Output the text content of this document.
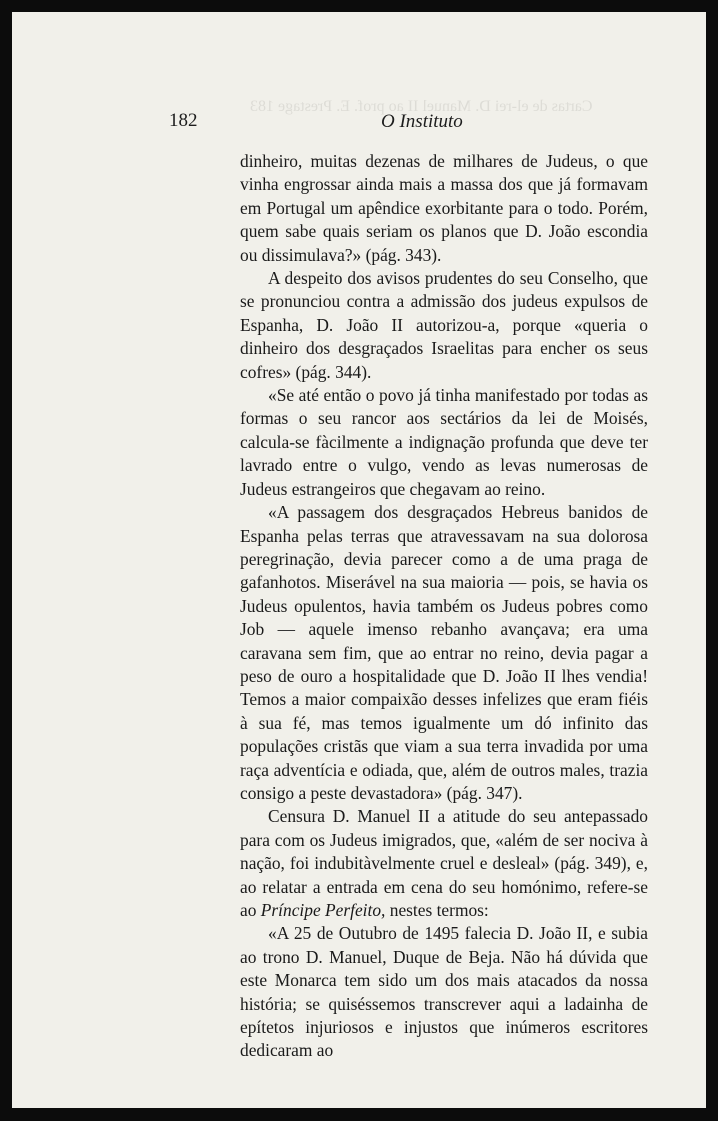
Cartas de el-rei D. Manuel II ao prof. E. Prestage 183
182	O Instituto

dinheiro, muitas dezenas de milhares de Judeus, o que vinha engrossar ainda mais a massa dos que já formavam em Portugal um apêndice exorbitante para o todo. Porém, quem sabe quais seriam os planos que D. João escondia ou dissimulava?» (pág. 343).

A despeito dos avisos prudentes do seu Conselho, que se pronunciou contra a admissão dos judeus expulsos de Espanha, D. João II autorizou-a, porque «queria o dinheiro dos desgraçados Israelitas para encher os seus cofres» (pág. 344).

«Se até então o povo já tinha manifestado por todas as formas o seu rancor aos sectários da lei de Moisés, calcula-se fàcilmente a indignação profunda que deve ter lavrado entre o vulgo, vendo as levas numerosas de Judeus estrangeiros que chegavam ao reino.

«A passagem dos desgraçados Hebreus banidos de Espanha pelas terras que atravessavam na sua dolorosa peregrinação, devia parecer como a de uma praga de gafanhotos. Miserável na sua maioria — pois, se havia os Judeus opulentos, havia também os Judeus pobres como Job — aquele imenso rebanho avançava; era uma caravana sem fim, que ao entrar no reino, devia pagar a peso de ouro a hospitalidade que D. João II lhes vendia! Temos a maior compaixão desses infelizes que eram fiéis à sua fé, mas temos igualmente um dó infinito das populações cristãs que viam a sua terra invadida por uma raça adventícia e odiada, que, além de outros males, trazia consigo a peste devastadora» (pág. 347).

Censura D. Manuel II a atitude do seu antepassado para com os Judeus imigrados, que, «além de ser nociva à nação, foi indubitàvelmente cruel e desleal» (pág. 349), e, ao relatar a entrada em cena do seu homónimo, refere-se ao Príncipe Perfeito, nestes termos:

«A 25 de Outubro de 1495 falecia D. João II, e subia ao trono D. Manuel, Duque de Beja. Não há dúvida que este Monarca tem sido um dos mais atacados da nossa história; se quiséssemos transcrever aqui a ladainha de epítetos injuriosos e injustos que inúmeros escritores dedicaram ao
